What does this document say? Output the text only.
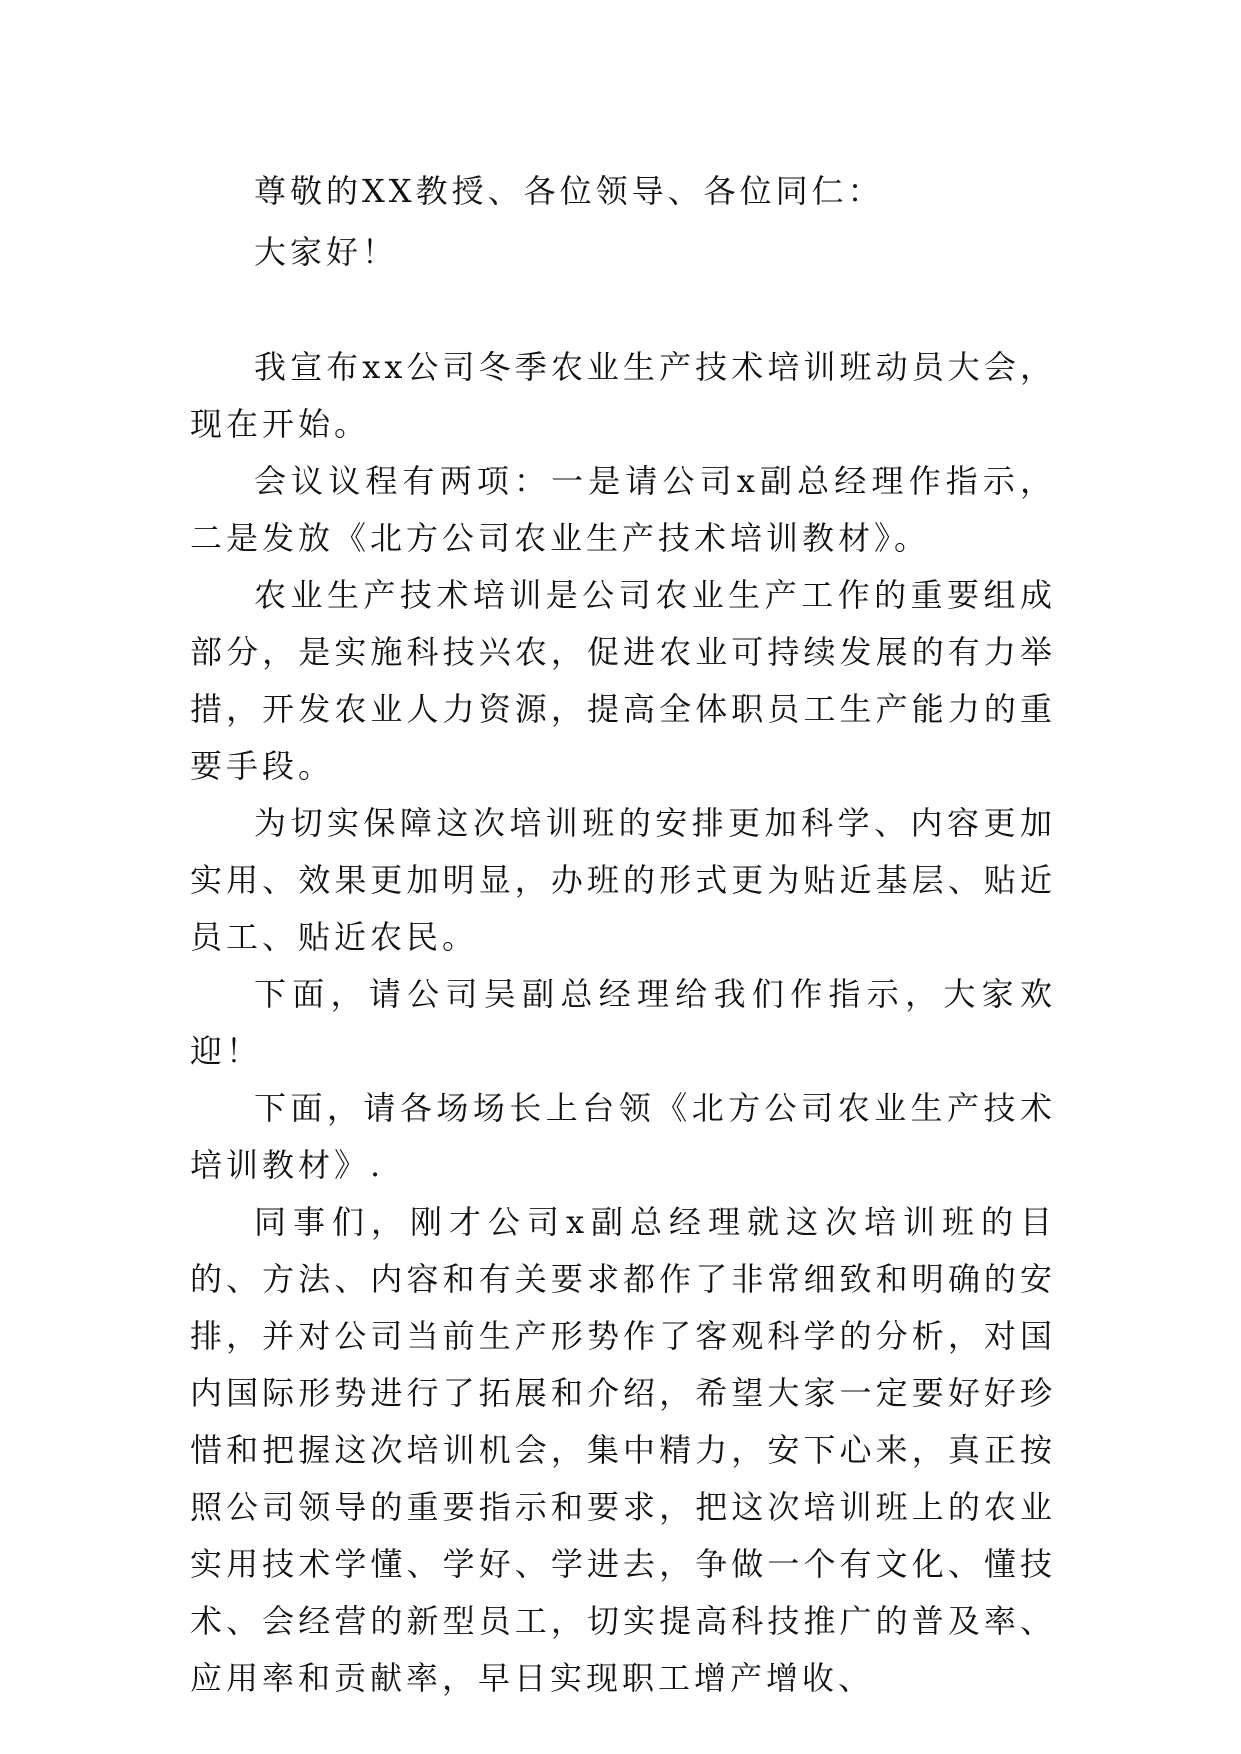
尊敬的XX教授、各位领导、各位同仁：

大家好！

我宣布xx公司冬季农业生产技术培训班动员大会，现在开始。

会议议程有两项：一是请公司x副总经理作指示，二是发放《北方公司农业生产技术培训教材》。

农业生产技术培训是公司农业生产工作的重要组成部分，是实施科技兴农，促进农业可持续发展的有力举措，开发农业人力资源，提高全体职员工生产能力的重要手段。

为切实保障这次培训班的安排更加科学、内容更加实用、效果更加明显，办班的形式更为贴近基层、贴近员工、贴近农民。

下面，请公司吴副总经理给我们作指示，大家欢迎！

下面，请各场场长上台领《北方公司农业生产技术培训教材》.

同事们，刚才公司x副总经理就这次培训班的目的、方法、内容和有关要求都作了非常细致和明确的安排，并对公司当前生产形势作了客观科学的分析，对国内国际形势进行了拓展和介绍，希望大家一定要好好珍惜和把握这次培训机会，集中精力，安下心来，真正按照公司领导的重要指示和要求，把这次培训班上的农业实用技术学懂、学好、学进去，争做一个有文化、懂技术、会经营的新型员工，切实提高科技推广的普及率、应用率和贡献率，早日实现职工增产增收、
